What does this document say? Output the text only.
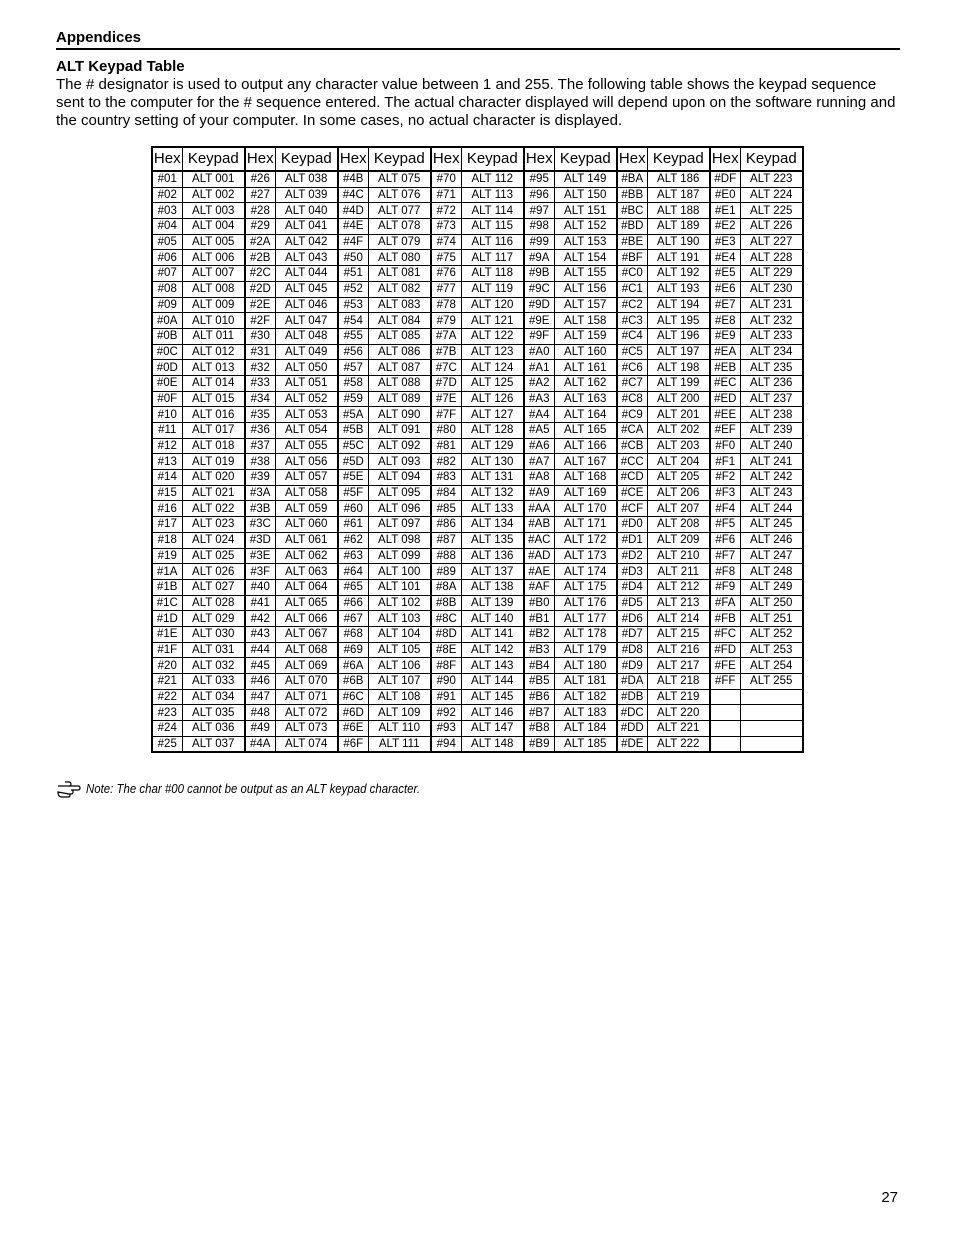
Appendices
ALT Keypad Table

The # designator is used to output any character value between 1 and 255. The following table shows the keypad sequence sent to the computer for the # sequence entered. The actual character displayed will depend upon on the software running and the country setting of your computer. In some cases, no actual character is displayed.

Hex	Keypad	Hex	Keypad	Hex	Keypad	Hex	Keypad	Hex	Keypad	Hex	Keypad	Hex	Keypad
#01	ALT 001	#26	ALT 038	#4B	ALT 075	#70	ALT 112	#95	ALT 149	#BA	ALT 186	#DF	ALT 223
#02	ALT 002	#27	ALT 039	#4C	ALT 076	#71	ALT 113	#96	ALT 150	#BB	ALT 187	#E0	ALT 224
#03	ALT 003	#28	ALT 040	#4D	ALT 077	#72	ALT 114	#97	ALT 151	#BC	ALT 188	#E1	ALT 225
#04	ALT 004	#29	ALT 041	#4E	ALT 078	#73	ALT 115	#98	ALT 152	#BD	ALT 189	#E2	ALT 226
#05	ALT 005	#2A	ALT 042	#4F	ALT 079	#74	ALT 116	#99	ALT 153	#BE	ALT 190	#E3	ALT 227
#06	ALT 006	#2B	ALT 043	#50	ALT 080	#75	ALT 117	#9A	ALT 154	#BF	ALT 191	#E4	ALT 228
#07	ALT 007	#2C	ALT 044	#51	ALT 081	#76	ALT 118	#9B	ALT 155	#C0	ALT 192	#E5	ALT 229
#08	ALT 008	#2D	ALT 045	#52	ALT 082	#77	ALT 119	#9C	ALT 156	#C1	ALT 193	#E6	ALT 230
#09	ALT 009	#2E	ALT 046	#53	ALT 083	#78	ALT 120	#9D	ALT 157	#C2	ALT 194	#E7	ALT 231
#0A	ALT 010	#2F	ALT 047	#54	ALT 084	#79	ALT 121	#9E	ALT 158	#C3	ALT 195	#E8	ALT 232
#0B	ALT 011	#30	ALT 048	#55	ALT 085	#7A	ALT 122	#9F	ALT 159	#C4	ALT 196	#E9	ALT 233
#0C	ALT 012	#31	ALT 049	#56	ALT 086	#7B	ALT 123	#A0	ALT 160	#C5	ALT 197	#EA	ALT 234
#0D	ALT 013	#32	ALT 050	#57	ALT 087	#7C	ALT 124	#A1	ALT 161	#C6	ALT 198	#EB	ALT 235
#0E	ALT 014	#33	ALT 051	#58	ALT 088	#7D	ALT 125	#A2	ALT 162	#C7	ALT 199	#EC	ALT 236
#0F	ALT 015	#34	ALT 052	#59	ALT 089	#7E	ALT 126	#A3	ALT 163	#C8	ALT 200	#ED	ALT 237
#10	ALT 016	#35	ALT 053	#5A	ALT 090	#7F	ALT 127	#A4	ALT 164	#C9	ALT 201	#EE	ALT 238
#11	ALT 017	#36	ALT 054	#5B	ALT 091	#80	ALT 128	#A5	ALT 165	#CA	ALT 202	#EF	ALT 239
#12	ALT 018	#37	ALT 055	#5C	ALT 092	#81	ALT 129	#A6	ALT 166	#CB	ALT 203	#F0	ALT 240
#13	ALT 019	#38	ALT 056	#5D	ALT 093	#82	ALT 130	#A7	ALT 167	#CC	ALT 204	#F1	ALT 241
#14	ALT 020	#39	ALT 057	#5E	ALT 094	#83	ALT 131	#A8	ALT 168	#CD	ALT 205	#F2	ALT 242
#15	ALT 021	#3A	ALT 058	#5F	ALT 095	#84	ALT 132	#A9	ALT 169	#CE	ALT 206	#F3	ALT 243
#16	ALT 022	#3B	ALT 059	#60	ALT 096	#85	ALT 133	#AA	ALT 170	#CF	ALT 207	#F4	ALT 244
#17	ALT 023	#3C	ALT 060	#61	ALT 097	#86	ALT 134	#AB	ALT 171	#D0	ALT 208	#F5	ALT 245
#18	ALT 024	#3D	ALT 061	#62	ALT 098	#87	ALT 135	#AC	ALT 172	#D1	ALT 209	#F6	ALT 246
#19	ALT 025	#3E	ALT 062	#63	ALT 099	#88	ALT 136	#AD	ALT 173	#D2	ALT 210	#F7	ALT 247
#1A	ALT 026	#3F	ALT 063	#64	ALT 100	#89	ALT 137	#AE	ALT 174	#D3	ALT 211	#F8	ALT 248
#1B	ALT 027	#40	ALT 064	#65	ALT 101	#8A	ALT 138	#AF	ALT 175	#D4	ALT 212	#F9	ALT 249
#1C	ALT 028	#41	ALT 065	#66	ALT 102	#8B	ALT 139	#B0	ALT 176	#D5	ALT 213	#FA	ALT 250
#1D	ALT 029	#42	ALT 066	#67	ALT 103	#8C	ALT 140	#B1	ALT 177	#D6	ALT 214	#FB	ALT 251
#1E	ALT 030	#43	ALT 067	#68	ALT 104	#8D	ALT 141	#B2	ALT 178	#D7	ALT 215	#FC	ALT 252
#1F	ALT 031	#44	ALT 068	#69	ALT 105	#8E	ALT 142	#B3	ALT 179	#D8	ALT 216	#FD	ALT 253
#20	ALT 032	#45	ALT 069	#6A	ALT 106	#8F	ALT 143	#B4	ALT 180	#D9	ALT 217	#FE	ALT 254
#21	ALT 033	#46	ALT 070	#6B	ALT 107	#90	ALT 144	#B5	ALT 181	#DA	ALT 218	#FF	ALT 255
#22	ALT 034	#47	ALT 071	#6C	ALT 108	#91	ALT 145	#B6	ALT 182	#DB	ALT 219		
#23	ALT 035	#48	ALT 072	#6D	ALT 109	#92	ALT 146	#B7	ALT 183	#DC	ALT 220		
#24	ALT 036	#49	ALT 073	#6E	ALT 110	#93	ALT 147	#B8	ALT 184	#DD	ALT 221		
#25	ALT 037	#4A	ALT 074	#6F	ALT 111	#94	ALT 148	#B9	ALT 185	#DE	ALT 222		
Note: The char #00 cannot be output as an ALT keypad character.
27
